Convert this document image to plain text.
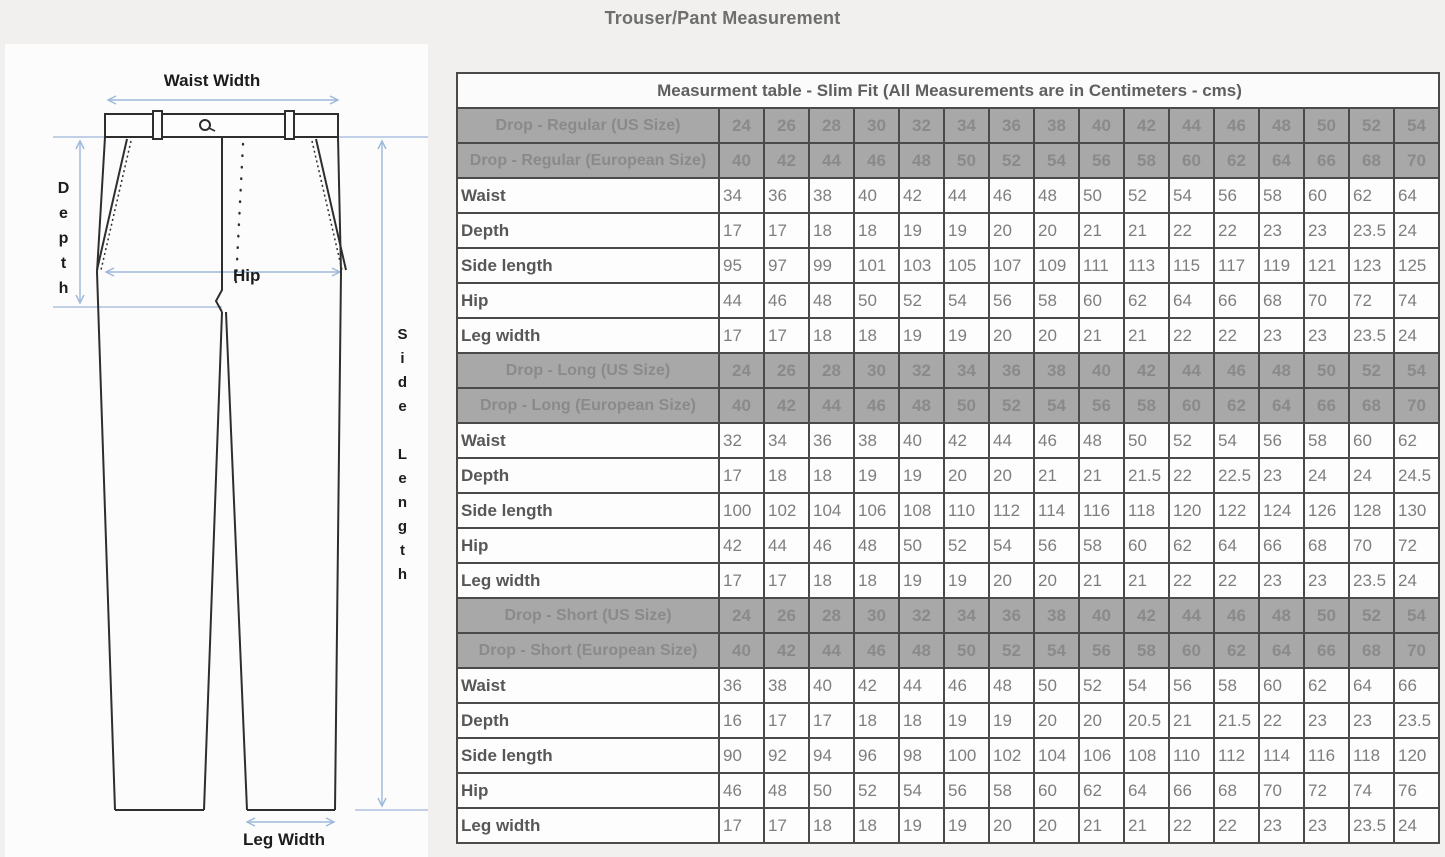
Trouser/Pant Measurement
Waist Width
Depth	Hip
Side Length
Leg Width
Measurment table - Slim Fit (All Measurements are in Centimeters - cms)																
Drop - Regular (US Size)	24	26	28	30	32	34	36	38	40	42	44	46	48	50	52	54
Drop - Regular (European Size)	40	42	44	46	48	50	52	54	56	58	60	62	64	66	68	70
Waist	34	36	38	40	42	44	46	48	50	52	54	56	58	60	62	64
Depth	17	17	18	18	19	19	20	20	21	21	22	22	23	23	23.5	24
Side length	95	97	99	101	103	105	107	109	111	113	115	117	119	121	123	125
Hip	44	46	48	50	52	54	56	58	60	62	64	66	68	70	72	74
Leg width	17	17	18	18	19	19	20	20	21	21	22	22	23	23	23.5	24
Drop - Long (US Size)	24	26	28	30	32	34	36	38	40	42	44	46	48	50	52	54
Drop - Long (European Size)	40	42	44	46	48	50	52	54	56	58	60	62	64	66	68	70
Waist	32	34	36	38	40	42	44	46	48	50	52	54	56	58	60	62
Depth	17	18	18	19	19	20	20	21	21	21.5	22	22.5	23	24	24	24.5
Side length	100	102	104	106	108	110	112	114	116	118	120	122	124	126	128	130
Hip	42	44	46	48	50	52	54	56	58	60	62	64	66	68	70	72
Leg width	17	17	18	18	19	19	20	20	21	21	22	22	23	23	23.5	24
Drop - Short (US Size)	24	26	28	30	32	34	36	38	40	42	44	46	48	50	52	54
Drop - Short (European Size)	40	42	44	46	48	50	52	54	56	58	60	62	64	66	68	70
Waist	36	38	40	42	44	46	48	50	52	54	56	58	60	62	64	66
Depth	16	17	17	18	18	19	19	20	20	20.5	21	21.5	22	23	23	23.5
Side length	90	92	94	96	98	100	102	104	106	108	110	112	114	116	118	120
Hip	46	48	50	52	54	56	58	60	62	64	66	68	70	72	74	76
Leg width	17	17	18	18	19	19	20	20	21	21	22	22	23	23	23.5	24
